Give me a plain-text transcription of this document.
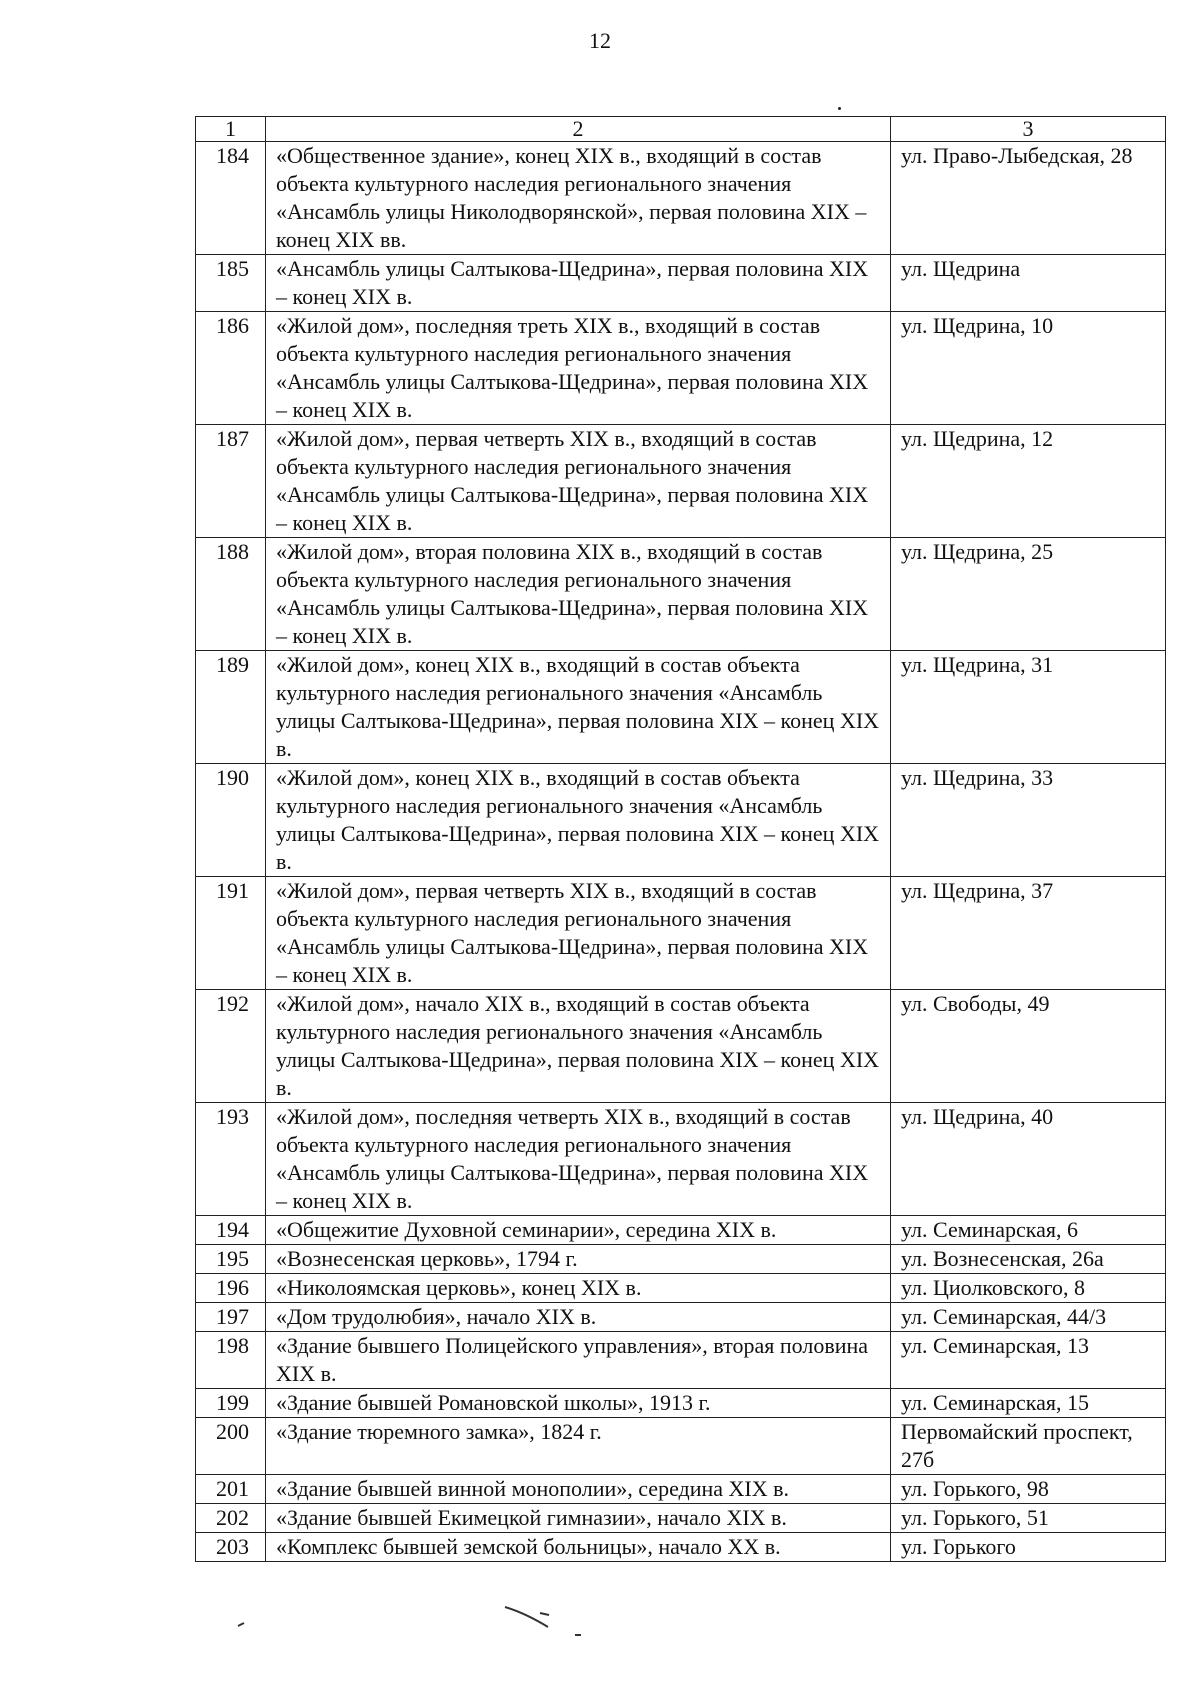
12
1	2	3
184	«Общественное здание», конец XIX в., входящий в состав объекта культурного наследия регионального значения «Ансамбль улицы Николодворянской», первая половина XIX – конец XIX вв.	ул. Право-Лыбедская, 28
185	«Ансамбль улицы Салтыкова-Щедрина», первая половина XIX – конец XIX в.	ул. Щедрина
186	«Жилой дом», последняя треть XIX в., входящий в состав объекта культурного наследия регионального значения «Ансамбль улицы Салтыкова-Щедрина», первая половина XIX – конец XIX в.	ул. Щедрина, 10
187	«Жилой дом», первая четверть XIX в., входящий в состав объекта культурного наследия регионального значения «Ансамбль улицы Салтыкова-Щедрина», первая половина XIX – конец XIX в.	ул. Щедрина, 12
188	«Жилой дом», вторая половина XIX в., входящий в состав объекта культурного наследия регионального значения «Ансамбль улицы Салтыкова-Щедрина», первая половина XIX – конец XIX в.	ул. Щедрина, 25
189	«Жилой дом», конец XIX в., входящий в состав объекта культурного наследия регионального значения «Ансамбль улицы Салтыкова-Щедрина», первая половина XIX – конец XIX в.	ул. Щедрина, 31
190	«Жилой дом», конец XIX в., входящий в состав объекта культурного наследия регионального значения «Ансамбль улицы Салтыкова-Щедрина», первая половина XIX – конец XIX в.	ул. Щедрина, 33
191	«Жилой дом», первая четверть XIX в., входящий в состав объекта культурного наследия регионального значения «Ансамбль улицы Салтыкова-Щедрина», первая половина XIX – конец XIX в.	ул. Щедрина, 37
192	«Жилой дом», начало XIX в., входящий в состав объекта культурного наследия регионального значения «Ансамбль улицы Салтыкова-Щедрина», первая половина XIX – конец XIX в.	ул. Свободы, 49
193	«Жилой дом», последняя четверть XIX в., входящий в состав объекта культурного наследия регионального значения «Ансамбль улицы Салтыкова-Щедрина», первая половина XIX – конец XIX в.	ул. Щедрина, 40
194	«Общежитие Духовной семинарии», середина XIX в.	ул. Семинарская, 6
195	«Вознесенская церковь», 1794 г.	ул. Вознесенская, 26а
196	«Николоямская церковь», конец XIX в.	ул. Циолковского, 8
197	«Дом трудолюбия», начало XIX в.	ул. Семинарская, 44/3
198	«Здание бывшего Полицейского управления», вторая половина XIX в.	ул. Семинарская, 13
199	«Здание бывшей Романовской школы», 1913 г.	ул. Семинарская, 15
200	«Здание тюремного замка», 1824 г.	Первомайский проспект, 27б
201	«Здание бывшей винной монополии», середина XIX в.	ул. Горького, 98
202	«Здание бывшей Екимецкой гимназии», начало XIX в.	ул. Горького, 51
203	«Комплекс бывшей земской больницы», начало XX в.	ул. Горького
